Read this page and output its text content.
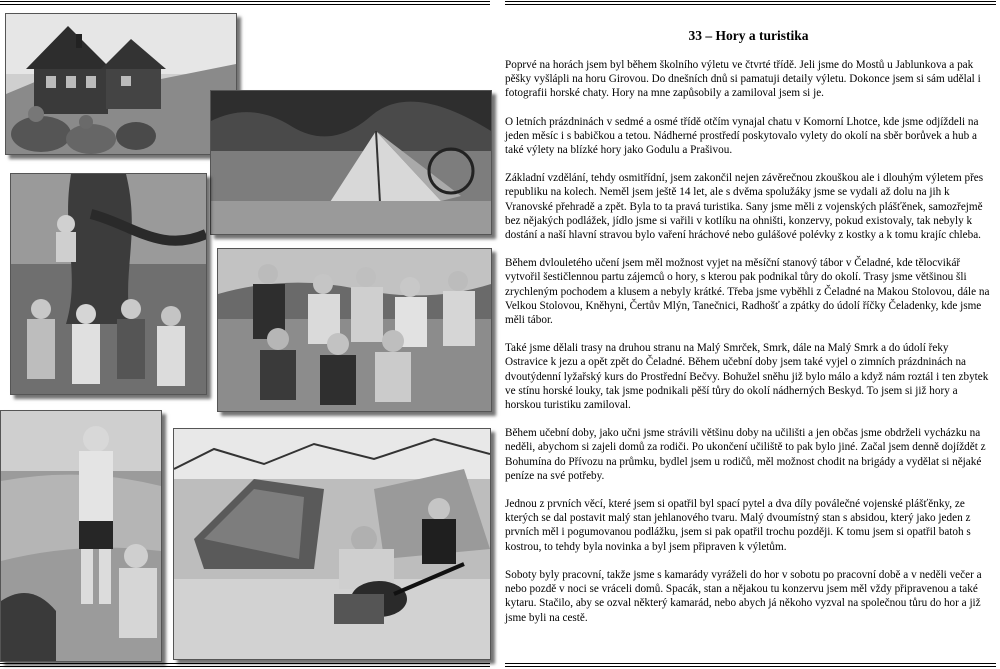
33 – Hory a turistika

Poprvé na horách jsem byl během školního výletu ve čtvrté třídě. Jeli jsme do Mostů u Jablunkova a pak pěšky vyšlápli na horu Girovou. Do dnešních dnů si pamatuji detaily výletu. Dokonce jsem si sám udělal i fotografii horské chaty. Hory na mne zapůsobily a zamiloval jsem si je.

O letních prázdninách v sedmé a osmé třídě otčím vynajal chatu v Komorní Lhotce, kde jsme odjíždeli na jeden měsíc i s babičkou a tetou. Nádherné prostředí poskytovalo vylety do okolí na sběr borůvek a hub a také výlety na blízké hory jako Godulu a Prašivou.

Základní vzdělání, tehdy osmitřídní, jsem zakončil nejen závěrečnou zkouškou ale i dlouhým výletem přes republiku na kolech. Neměl jsem ještě 14 let, ale s dvěma spolužáky jsme se vydali až dolu na jih k Vranovské přehradě a zpět. Byla to ta pravá turistika. Sany jsme měli z vojenských plášťěnek, samozřejmě bez nějakých podlážek, jídlo jsme si vařili v kotlíku na ohništi, konzervy, pokud existovaly, tak nebyly k dostání a naší hlavní stravou bylo vaření hráchové nebo gulášové polévky z kostky a k tomu krajíc chleba.

Během dvlouletého učení jsem měl možnost vyjet na měsíční stanový tábor v Čeladné, kde tělocvikář vytvořil šestičlennou partu zájemců o hory, s kterou pak podnikal tůry do okolí. Trasy jsme většinou šli zrychleným pochodem a klusem a nebyly krátké. Třeba jsme vyběhli z Čeladné na Makou Stolovou, dále na Velkou Stolovou, Kněhyni, Čertův Mlýn, Tanečnici, Radhošť a zpátky do údolí říčky Čeladenky, kde jsme měli tábor.

Také jsme dělali trasy na druhou stranu na Malý Smrček, Smrk, dále na Malý Smrk a do údolí řeky Ostravice k jezu a opět zpět do Čeladné. Během učební doby jsem také vyjel o zimních prázdninách na dvoutýdenní lyžařský kurs do Prostřední Bečvy. Bohužel sněhu již bylo málo a když nám roztál i ten zbytek ve stínu horské louky, tak jsme podnikali pěší tůry do okolí nádherných Beskyd. To jsem si již hory a horskou turistiku zamiloval.

Během učební doby, jako učni jsme strávili většinu doby na učilišti a jen občas jsme obdrželi vycházku na neděli, abychom si zajeli domů za rodiči. Po ukončení učiliště to pak bylo jiné. Začal jsem denně dojíždět z Bohumína do Přívozu na průmku, bydlel jsem u rodičů, měl možnost chodit na brigády a vydělat si nějaké peníze na své potřeby.

Jednou z prvních věcí, které jsem si opatřil byl spací pytel a dva díly poválečné vojenské plášťěnky, ze kterých se dal postavit malý stan jehlanového tvaru. Malý dvoumístný stan s absidou, který jako jeden z prvních měl i pogumovanou podlážku, jsem si pak opatřil trochu později. K tomu jsem si opatřil batoh s kostrou, to tehdy byla novinka a byl jsem připraven k výletům.

Soboty byly pracovní, takže jsme s kamarády vyráželi do hor v sobotu po pracovní době a v neděli večer a nebo pozdě v noci se vráceli domů. Spacák, stan a nějakou tu konzervu jsem měl vždy připravenou a také kytaru. Stačilo, aby se ozval některý kamarád, nebo abych já někoho vyzval na společnou tůru do hor a již jsme byli na cestě.
